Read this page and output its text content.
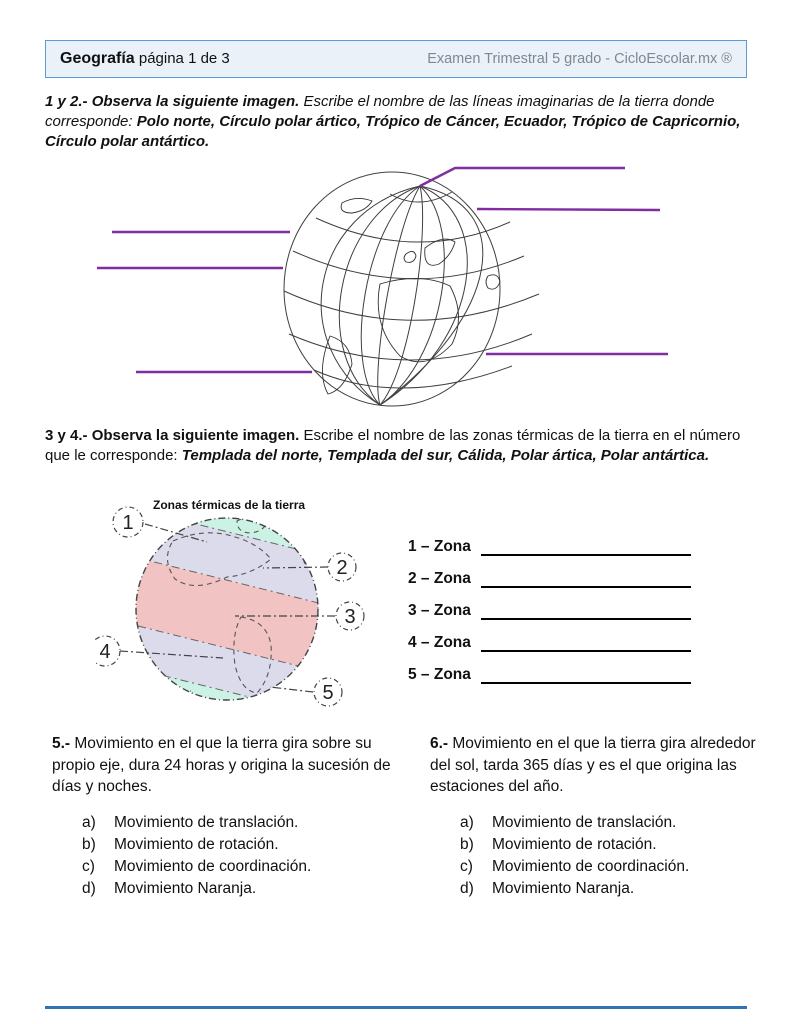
Geografía página 1 de 3	Examen Trimestral 5 grado - CicloEscolar.mx ®
1 y 2.- Observa la siguiente imagen. Escribe el nombre de las líneas imaginarias de la tierra donde corresponde: Polo norte, Círculo polar ártico, Trópico de Cáncer, Ecuador, Trópico de Capricornio, Círculo polar antártico.
3 y 4.- Observa la siguiente imagen. Escribe el nombre de las zonas térmicas de la tierra en el número que le corresponde: Templada del norte, Templada del sur, Cálida, Polar ártica, Polar antártica.
Zonas térmicas de la tierra
1
2
3
4
5
1 – Zona
2 – Zona
3 – Zona
4 – Zona
5 – Zona

5.- Movimiento en el que la tierra gira sobre su propio eje, dura 24 horas y origina la sucesión de días y noches.

a)	Movimiento de translación.
b)	Movimiento de rotación.
c)	Movimiento de coordinación.
d)	Movimiento Naranja.

6.- Movimiento en el que la tierra gira alrededor del sol, tarda 365 días y es el que origina las estaciones del año.

a)	Movimiento de translación.
b)	Movimiento de rotación.
c)	Movimiento de coordinación.
d)	Movimiento Naranja.
